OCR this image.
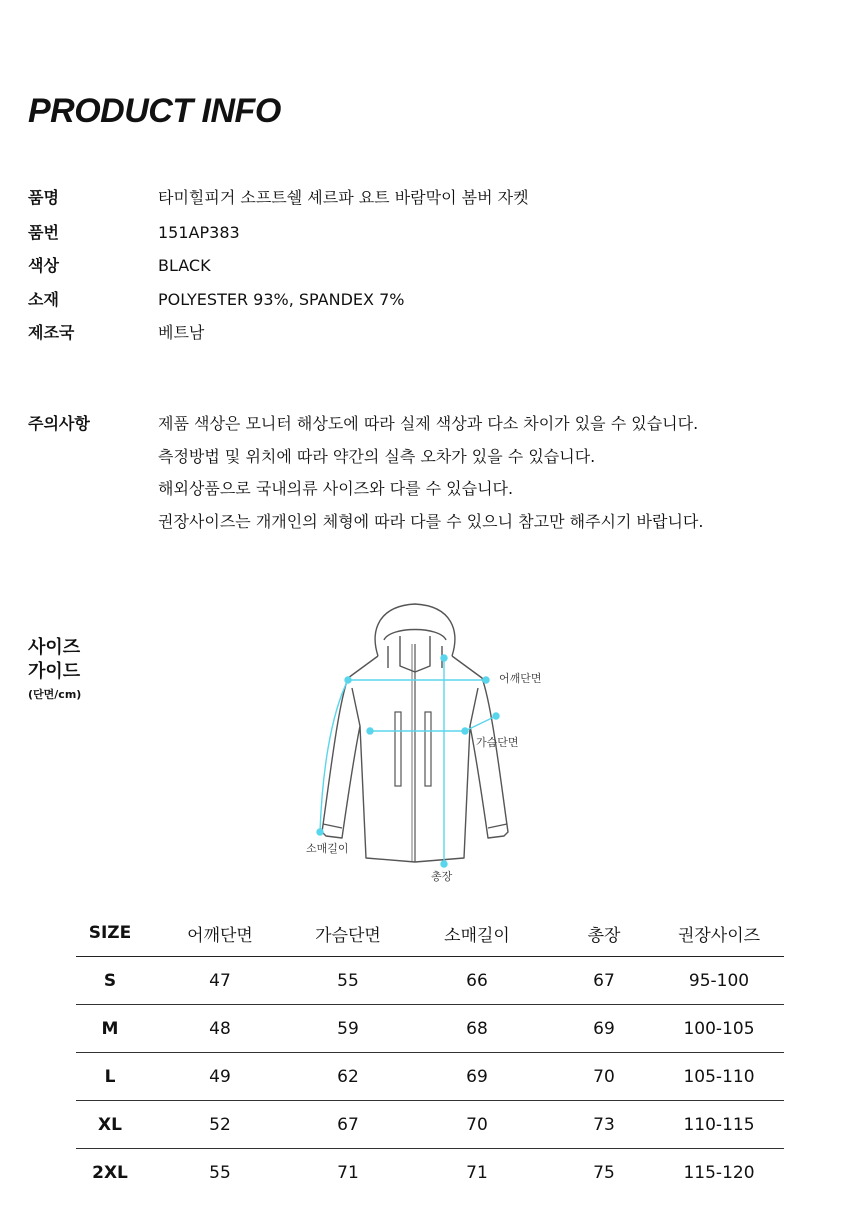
PRODUCT INFO
품명	타미힐피거 소프트쉘 셰르파 요트 바람막이 봄버 자켓
품번	151AP383
색상	BLACK
소재	POLYESTER 93%, SPANDEX 7%
제조국	베트남
주의사항	제품 색상은 모니터 해상도에 따라 실제 색상과 다소 차이가 있을 수 있습니다.
측정방법 및 위치에 따라 약간의 실측 오차가 있을 수 있습니다.
해외상품으로 국내의류 사이즈와 다를 수 있습니다.
권장사이즈는 개개인의 체형에 따라 다를 수 있으니 참고만 해주시기 바랍니다.
사이즈
가이드
(단면/cm)
어깨단면
가슴단면
소매길이
총장
SIZE	어깨단면	가슴단면	소매길이	총장	권장사이즈
S	47	55	66	67	95-100
M	48	59	68	69	100-105
L	49	62	69	70	105-110
XL	52	67	70	73	110-115
2XL	55	71	71	75	115-120
